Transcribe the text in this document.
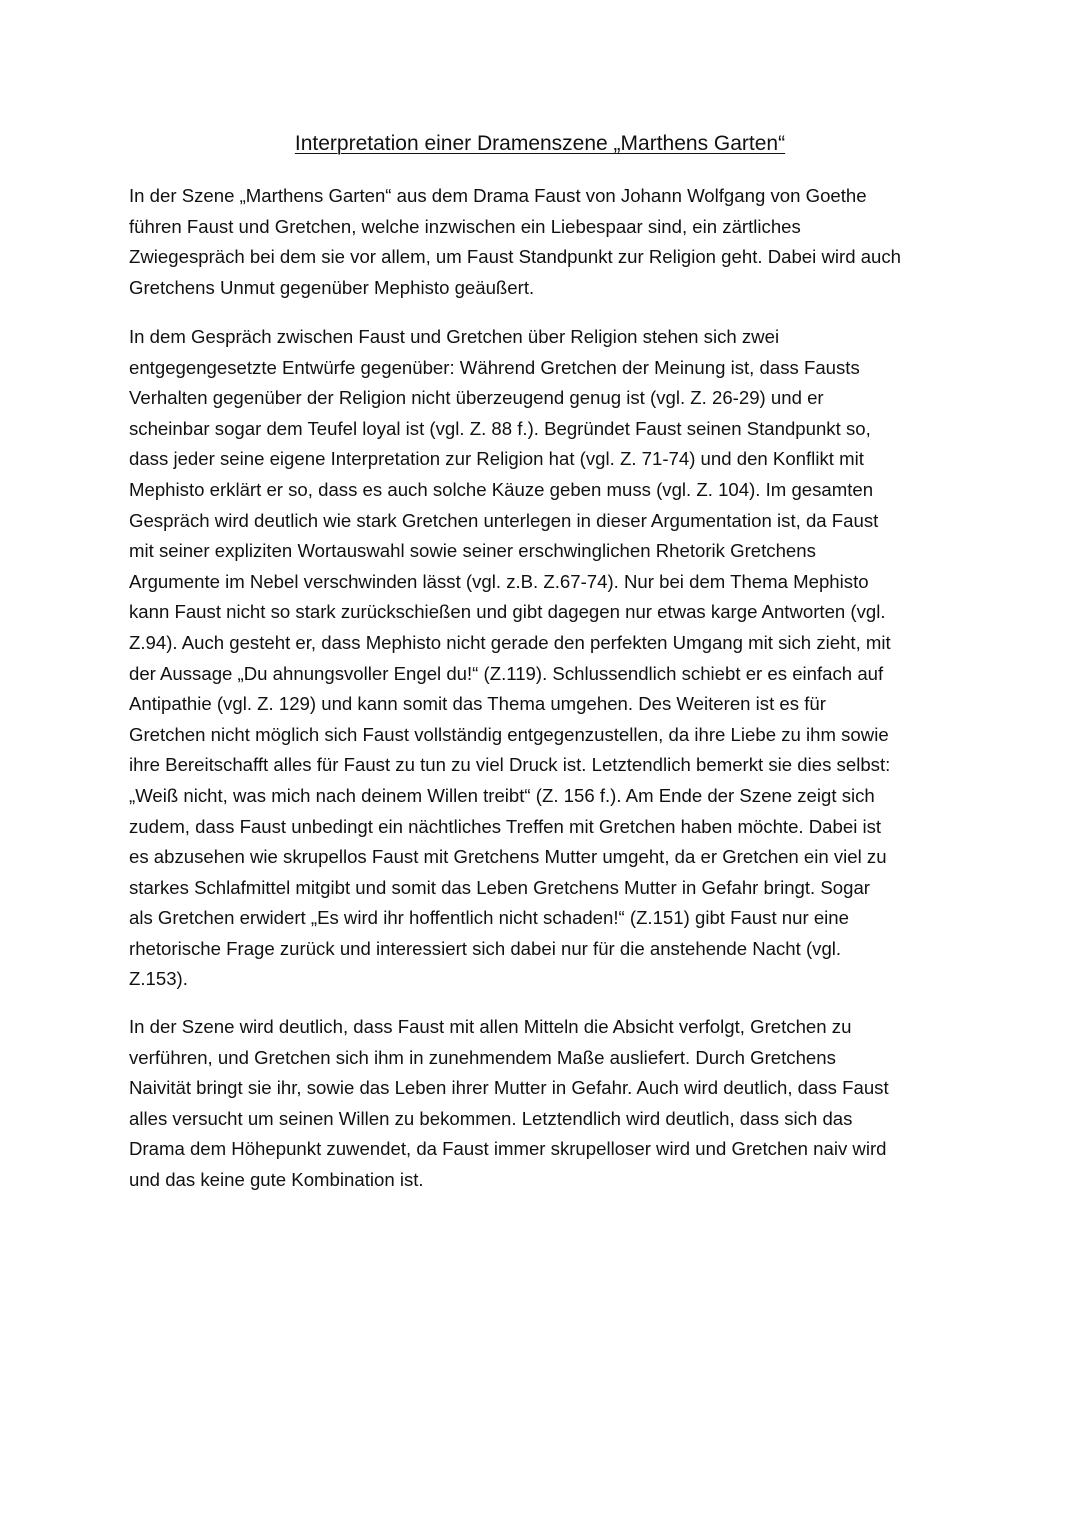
Interpretation einer Dramenszene „Marthens Garten“
In der Szene „Marthens Garten“ aus dem Drama Faust von Johann Wolfgang von Goethe
führen Faust und Gretchen, welche inzwischen ein Liebespaar sind, ein zärtliches
Zwiegespräch bei dem sie vor allem, um Faust Standpunkt zur Religion geht. Dabei wird auch
Gretchens Unmut gegenüber Mephisto geäußert.
In dem Gespräch zwischen Faust und Gretchen über Religion stehen sich zwei
entgegengesetzte Entwürfe gegenüber: Während Gretchen der Meinung ist, dass Fausts
Verhalten gegenüber der Religion nicht überzeugend genug ist (vgl. Z. 26-29) und er
scheinbar sogar dem Teufel loyal ist (vgl. Z. 88 f.). Begründet Faust seinen Standpunkt so,
dass jeder seine eigene Interpretation zur Religion hat (vgl. Z. 71-74) und den Konflikt mit
Mephisto erklärt er so, dass es auch solche Käuze geben muss (vgl. Z. 104). Im gesamten
Gespräch wird deutlich wie stark Gretchen unterlegen in dieser Argumentation ist, da Faust
mit seiner expliziten Wortauswahl sowie seiner erschwinglichen Rhetorik Gretchens
Argumente im Nebel verschwinden lässt (vgl. z.B. Z.67-74). Nur bei dem Thema Mephisto
kann Faust nicht so stark zurückschießen und gibt dagegen nur etwas karge Antworten (vgl.
Z.94). Auch gesteht er, dass Mephisto nicht gerade den perfekten Umgang mit sich zieht, mit
der Aussage „Du ahnungsvoller Engel du!“ (Z.119). Schlussendlich schiebt er es einfach auf
Antipathie (vgl. Z. 129) und kann somit das Thema umgehen. Des Weiteren ist es für
Gretchen nicht möglich sich Faust vollständig entgegenzustellen, da ihre Liebe zu ihm sowie
ihre Bereitschafft alles für Faust zu tun zu viel Druck ist. Letztendlich bemerkt sie dies selbst:
„Weiß nicht, was mich nach deinem Willen treibt“ (Z. 156 f.). Am Ende der Szene zeigt sich
zudem, dass Faust unbedingt ein nächtliches Treffen mit Gretchen haben möchte. Dabei ist
es abzusehen wie skrupellos Faust mit Gretchens Mutter umgeht, da er Gretchen ein viel zu
starkes Schlafmittel mitgibt und somit das Leben Gretchens Mutter in Gefahr bringt. Sogar
als Gretchen erwidert „Es wird ihr hoffentlich nicht schaden!“ (Z.151) gibt Faust nur eine
rhetorische Frage zurück und interessiert sich dabei nur für die anstehende Nacht (vgl.
Z.153).
In der Szene wird deutlich, dass Faust mit allen Mitteln die Absicht verfolgt, Gretchen zu
verführen, und Gretchen sich ihm in zunehmendem Maße ausliefert. Durch Gretchens
Naivität bringt sie ihr, sowie das Leben ihrer Mutter in Gefahr. Auch wird deutlich, dass Faust
alles versucht um seinen Willen zu bekommen. Letztendlich wird deutlich, dass sich das
Drama dem Höhepunkt zuwendet, da Faust immer skrupelloser wird und Gretchen naiv wird
und das keine gute Kombination ist.
